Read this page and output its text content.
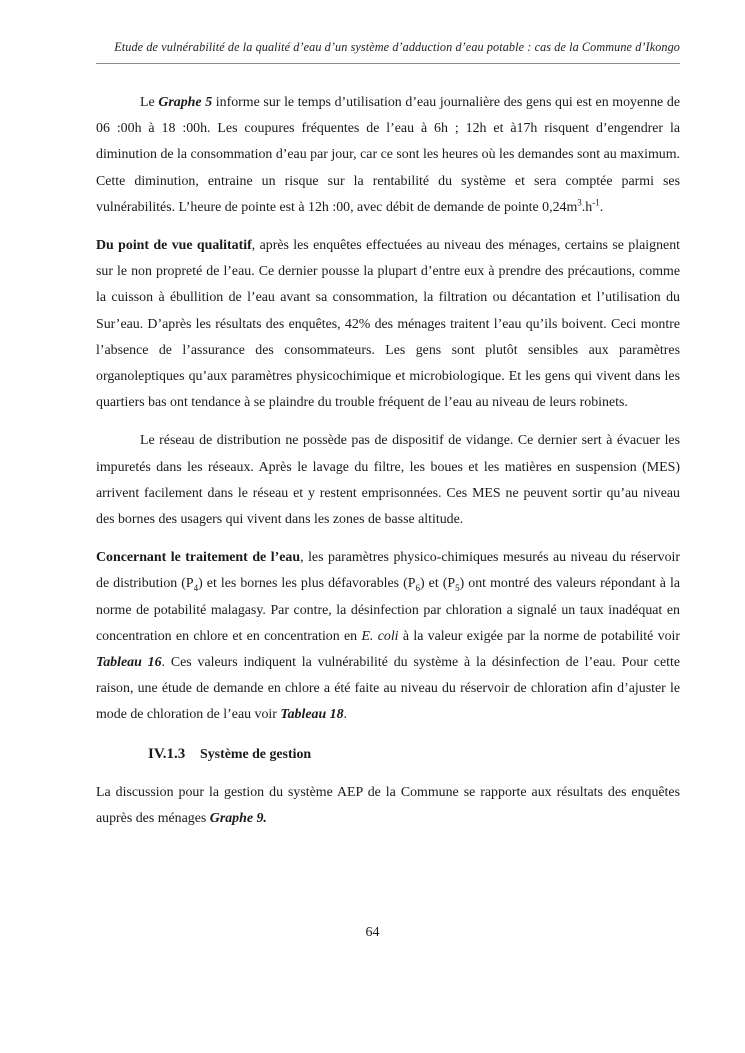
Etude de vulnérabilité de la qualité d’eau d’un système d’adduction d’eau potable : cas de la Commune d’Ikongo

Le Graphe 5 informe sur le temps d’utilisation d’eau journalière des gens qui est en moyenne de 06 :00h à 18 :00h. Les coupures fréquentes de l’eau à 6h ; 12h et à17h risquent d’engendrer la diminution de la consommation d’eau par jour, car ce sont les heures où les demandes sont au maximum. Cette diminution, entraine un risque sur la rentabilité du système et sera comptée parmi ses vulnérabilités. L’heure de pointe est à 12h :00, avec débit de demande de pointe $0,24m^3.h^{-1}$.

Du point de vue qualitatif, après les enquêtes effectuées au niveau des ménages, certains se plaignent sur le non propreté de l’eau. Ce dernier pousse la plupart d’entre eux à prendre des précautions, comme la cuisson à ébullition de l’eau avant sa consommation, la filtration ou décantation et l’utilisation du Sur’eau. D’après les résultats des enquêtes, 42% des ménages traitent l’eau qu’ils boivent. Ceci montre l’absence de l’assurance des consommateurs. Les gens sont plutôt sensibles aux paramètres organoleptiques qu’aux paramètres physicochimique et microbiologique. Et les gens qui vivent dans les quartiers bas ont tendance à se plaindre du trouble fréquent de l’eau au niveau de leurs robinets.

Le réseau de distribution ne possède pas de dispositif de vidange. Ce dernier sert à évacuer les impuretés dans les réseaux. Après le lavage du filtre, les boues et les matières en suspension (MES) arrivent facilement dans le réseau et y restent emprisonnées. Ces MES ne peuvent sortir qu’au niveau des bornes des usagers qui vivent dans les zones de basse altitude.

Concernant le traitement de l’eau, les paramètres physico-chimiques mesurés au niveau du réservoir de distribution $(P_4)$ et les bornes les plus défavorables $(P_6)$ et $(P_5)$ ont montré des valeurs répondant à la norme de potabilité malagasy. Par contre, la désinfection par chloration a signalé un taux inadéquat en concentration en chlore et en concentration en E. coli à la valeur exigée par la norme de potabilité voir Tableau 16. Ces valeurs indiquent la vulnérabilité du système à la désinfection de l’eau. Pour cette raison, une étude de demande en chlore a été faite au niveau du réservoir de chloration afin d’ajuster le mode de chloration de l’eau voir Tableau 18.

IV.1.3 Système de gestion

La discussion pour la gestion du système AEP de la Commune se rapporte aux résultats des enquêtes auprès des ménages Graphe 9.

64
